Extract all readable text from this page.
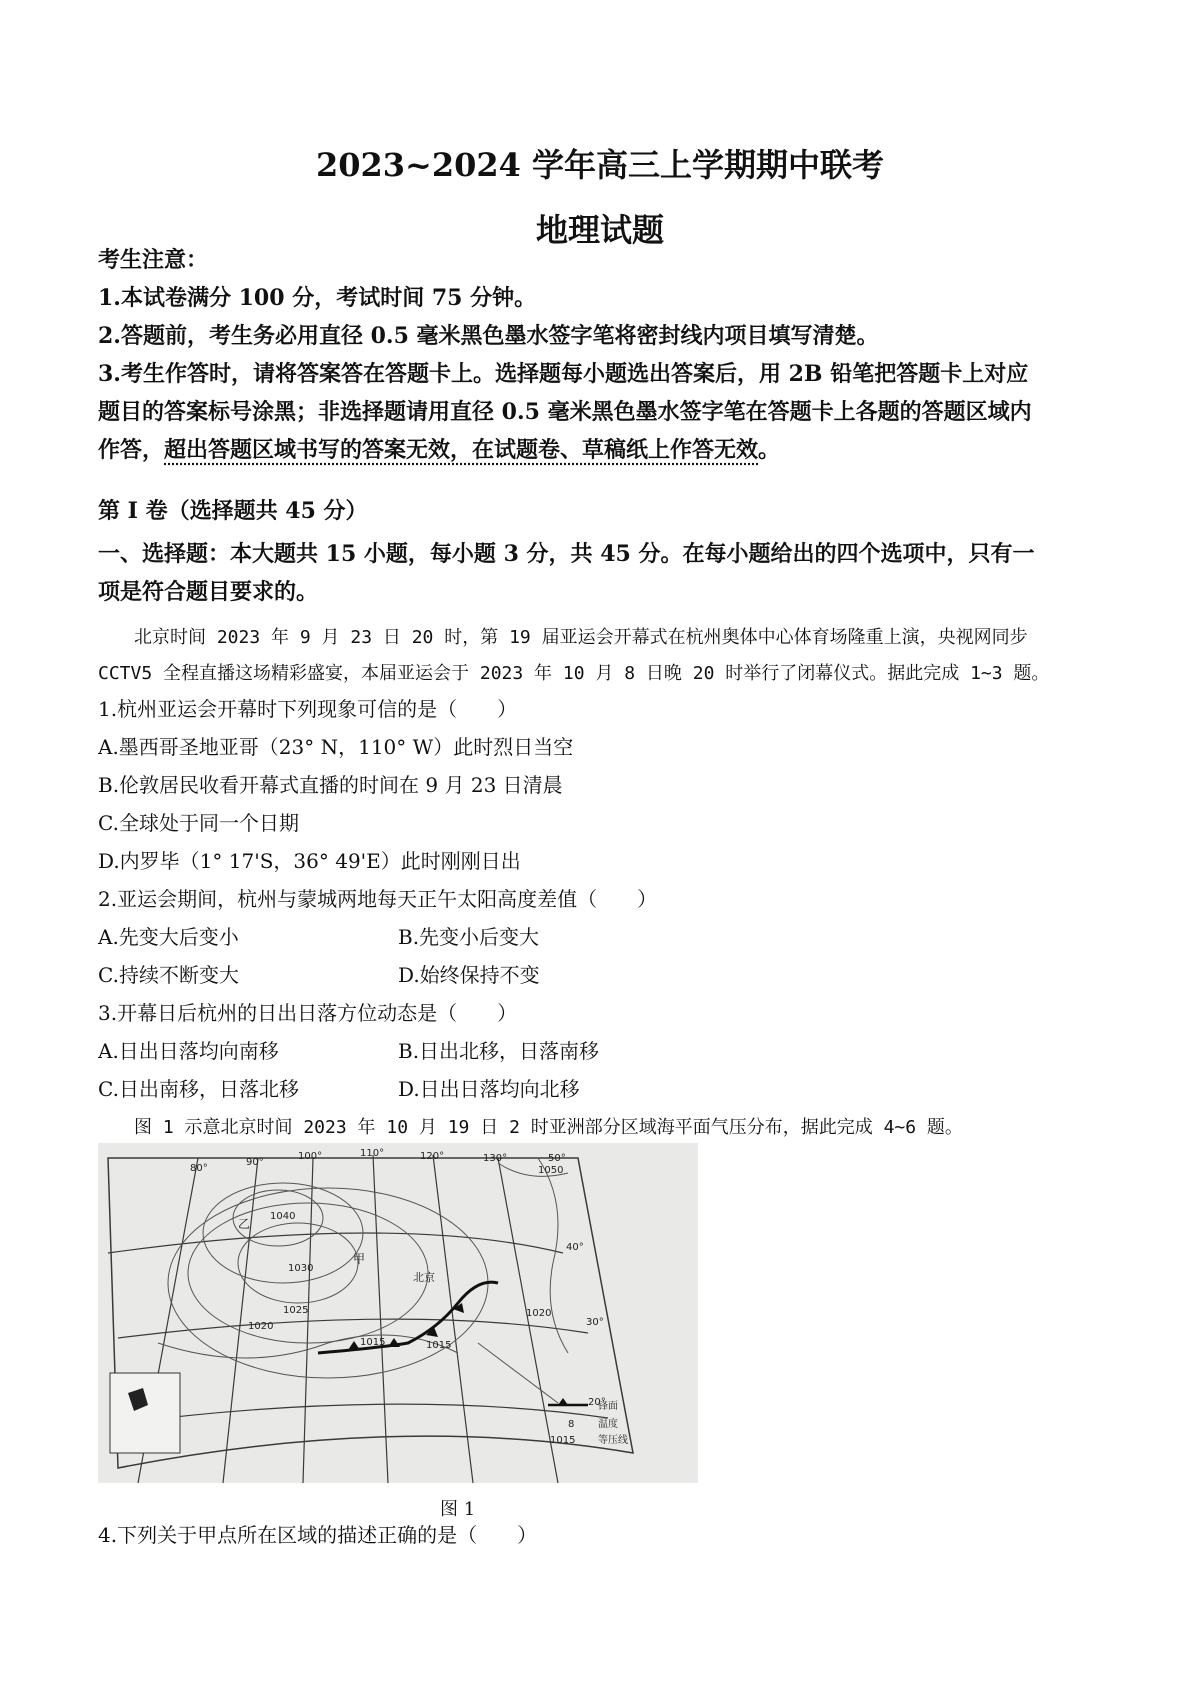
2023~2024 学年高三上学期期中联考
地理试题
考生注意：
1.本试卷满分 100 分，考试时间 75 分钟。
2.答题前，考生务必用直径 0.5 毫米黑色墨水签字笔将密封线内项目填写清楚。
3.考生作答时，请将答案答在答题卡上。选择题每小题选出答案后，用 2B 铅笔把答题卡上对应
题目的答案标号涂黑；非选择题请用直径 0.5 毫米黑色墨水签字笔在答题卡上各题的答题区域内
作答，超出答题区域书写的答案无效，在试题卷、草稿纸上作答无效。
第 I 卷（选择题共 45 分）
一、选择题：本大题共 15 小题，每小题 3 分，共 45 分。在每小题给出的四个选项中，只有一
项是符合题目要求的。
北京时间 2023 年 9 月 23 日 20 时，第 19 届亚运会开幕式在杭州奥体中心体育场隆重上演，央视网同步
CCTV5 全程直播这场精彩盛宴，本届亚运会于 2023 年 10 月 8 日晚 20 时举行了闭幕仪式。据此完成 1~3 题。
1.杭州亚运会开幕时下列现象可信的是（　　）
A.墨西哥圣地亚哥（23° N，110° W）此时烈日当空
B.伦敦居民收看开幕式直播的时间在 9 月 23 日清晨
C.全球处于同一个日期
D.内罗毕（1° 17'S，36° 49'E）此时刚刚日出
2.亚运会期间，杭州与蒙城两地每天正午太阳高度差值（　　）
A.先变大后变小	B.先变小后变大
C.持续不断变大	D.始终保持不变
3.开幕日后杭州的日出日落方位动态是（　　）
A.日出日落均向南移	B.日出北移，日落南移
C.日出南移，日落北移	D.日出日落均向北移
图 1 示意北京时间 2023 年 10 月 19 日 2 时亚洲部分区域海平面气压分布，据此完成 4~6 题。
80°
90°
100°	110°	120°	130°	50°
40°
30°
20°
1040
1030
1025
1020
1015	1015
1020
1050
乙
甲
北京
锋面
8 温度
1015 等压线
图 1
4.下列关于甲点所在区域的描述正确的是（　　）
